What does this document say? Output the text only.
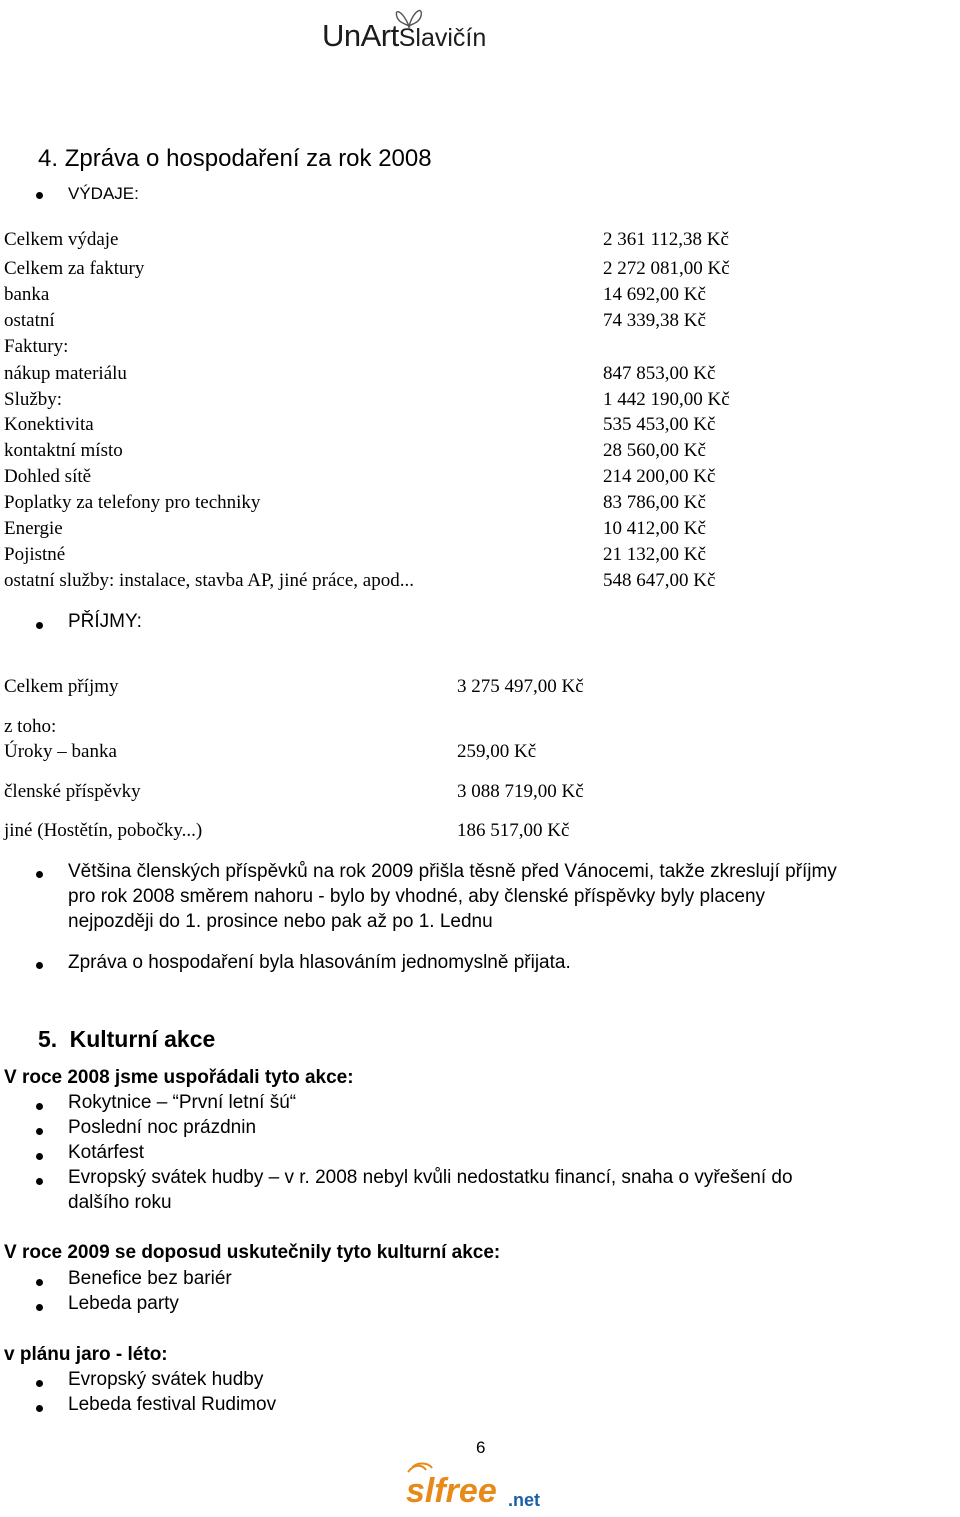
UnArtSlavičín
4. Zpráva o hospodaření za rok 2008
VÝDAJE:
Celkem výdaje	2 361 112,38 Kč
Celkem za faktury	2 272 081,00 Kč
banka	14 692,00 Kč
ostatní	74 339,38 Kč
Faktury:
nákup materiálu	847 853,00 Kč
Služby:	1 442 190,00 Kč
Konektivita	535 453,00 Kč
kontaktní místo	28 560,00 Kč
Dohled sítě	214 200,00 Kč
Poplatky za telefony pro techniky	83 786,00 Kč
Energie	10 412,00 Kč
Pojistné	21 132,00 Kč
ostatní služby: instalace, stavba AP, jiné práce, apod...	548 647,00 Kč
PŘÍJMY:
Celkem příjmy	3 275 497,00 Kč
z toho:
Úroky – banka	259,00 Kč
členské příspěvky	3 088 719,00 Kč
jiné (Hostětín, pobočky...)	186 517,00 Kč
Většina členských příspěvků na rok 2009 přišla těsně před Vánocemi, takže zkreslují příjmy
pro rok 2008 směrem nahoru - bylo by vhodné, aby členské příspěvky byly placeny
nejpozději do 1. prosince nebo pak až po 1. Lednu
Zpráva o hospodaření byla hlasováním jednomyslně přijata.
5. Kulturní akce
V roce 2008 jsme uspořádali tyto akce:
Rokytnice – “První letní šú“
Poslední noc prázdnin
Kotárfest
Evropský svátek hudby – v r. 2008 nebyl kvůli nedostatku financí, snaha o vyřešení do
dalšího roku
V roce 2009 se doposud uskutečnily tyto kulturní akce:
Benefice bez bariér
Lebeda party
v plánu jaro - léto:
Evropský svátek hudby
Lebeda festival Rudimov
6
slfree .net
